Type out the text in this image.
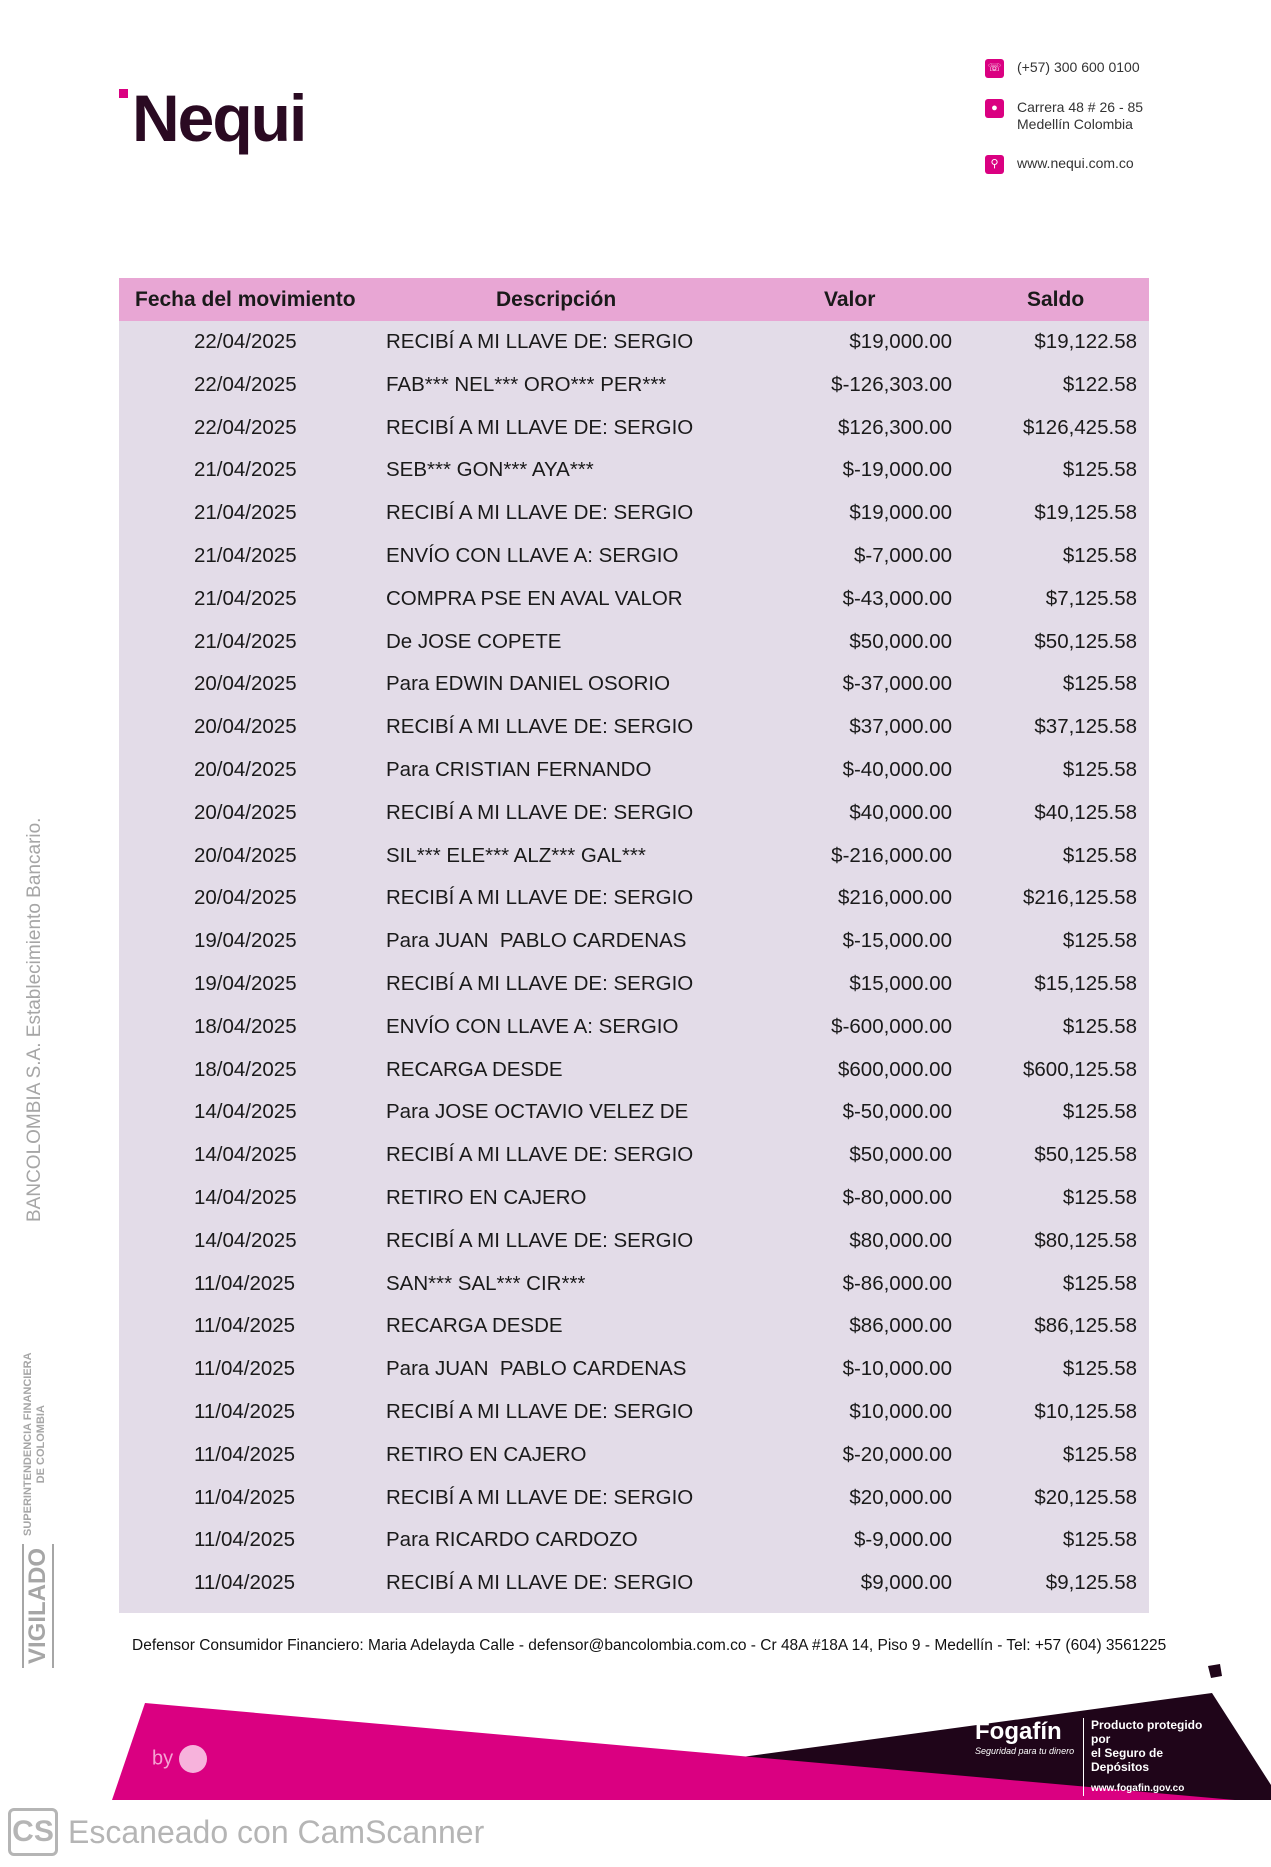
Nequi
☏ (+57) 300 600 0100
●	Carrera 48 # 26 - 85
Medellín Colombia
⚲	www.nequi.com.co
Fecha del movimiento	Descripción	Valor	Saldo
22/04/2025	RECIBÍ A MI LLAVE DE: SERGIO	$19,000.00	$19,122.58
22/04/2025	FAB*** NEL*** ORO*** PER***	$-126,303.00	$122.58
22/04/2025	RECIBÍ A MI LLAVE DE: SERGIO	$126,300.00	$126,425.58
21/04/2025	SEB*** GON*** AYA***	$-19,000.00	$125.58
21/04/2025	RECIBÍ A MI LLAVE DE: SERGIO	$19,000.00	$19,125.58
21/04/2025	ENVÍO CON LLAVE A: SERGIO	$-7,000.00	$125.58
21/04/2025	COMPRA PSE EN AVAL VALOR	$-43,000.00	$7,125.58
21/04/2025	De JOSE COPETE	$50,000.00	$50,125.58
20/04/2025	Para EDWIN DANIEL OSORIO	$-37,000.00	$125.58
20/04/2025	RECIBÍ A MI LLAVE DE: SERGIO	$37,000.00	$37,125.58
20/04/2025	Para CRISTIAN FERNANDO	$-40,000.00	$125.58
20/04/2025	RECIBÍ A MI LLAVE DE: SERGIO	$40,000.00	$40,125.58
20/04/2025	SIL*** ELE*** ALZ*** GAL***	$-216,000.00	$125.58
20/04/2025	RECIBÍ A MI LLAVE DE: SERGIO	$216,000.00	$216,125.58
19/04/2025	Para JUAN  PABLO CARDENAS	$-15,000.00	$125.58
19/04/2025	RECIBÍ A MI LLAVE DE: SERGIO	$15,000.00	$15,125.58
18/04/2025	ENVÍO CON LLAVE A: SERGIO	$-600,000.00	$125.58
18/04/2025	RECARGA DESDE	$600,000.00	$600,125.58
14/04/2025	Para JOSE OCTAVIO VELEZ DE	$-50,000.00	$125.58
14/04/2025	RECIBÍ A MI LLAVE DE: SERGIO	$50,000.00	$50,125.58
14/04/2025	RETIRO EN CAJERO	$-80,000.00	$125.58
14/04/2025	RECIBÍ A MI LLAVE DE: SERGIO	$80,000.00	$80,125.58
11/04/2025	SAN*** SAL*** CIR***	$-86,000.00	$125.58
11/04/2025	RECARGA DESDE	$86,000.00	$86,125.58
11/04/2025	Para JUAN  PABLO CARDENAS	$-10,000.00	$125.58
11/04/2025	RECIBÍ A MI LLAVE DE: SERGIO	$10,000.00	$10,125.58
11/04/2025	RETIRO EN CAJERO	$-20,000.00	$125.58
11/04/2025	RECIBÍ A MI LLAVE DE: SERGIO	$20,000.00	$20,125.58
11/04/2025	Para RICARDO CARDOZO	$-9,000.00	$125.58
11/04/2025	RECIBÍ A MI LLAVE DE: SERGIO	$9,000.00	$9,125.58
BANCOLOMBIA S.A. Establecimiento Bancario.
VIGILADO
SUPERINTENDENCIA FINANCIERA DE COLOMBIA
Defensor Consumidor Financiero: Maria Adelayda Calle - defensor@bancolombia.com.co - Cr 48A #18A 14, Piso 9 - Medellín - Tel: +57 (604) 3561225
by
Fogafín
Seguridad para tu dinero
Producto protegido por
el Seguro de Depósitos
www.fogafin.gov.co
CS Escaneado con CamScanner
